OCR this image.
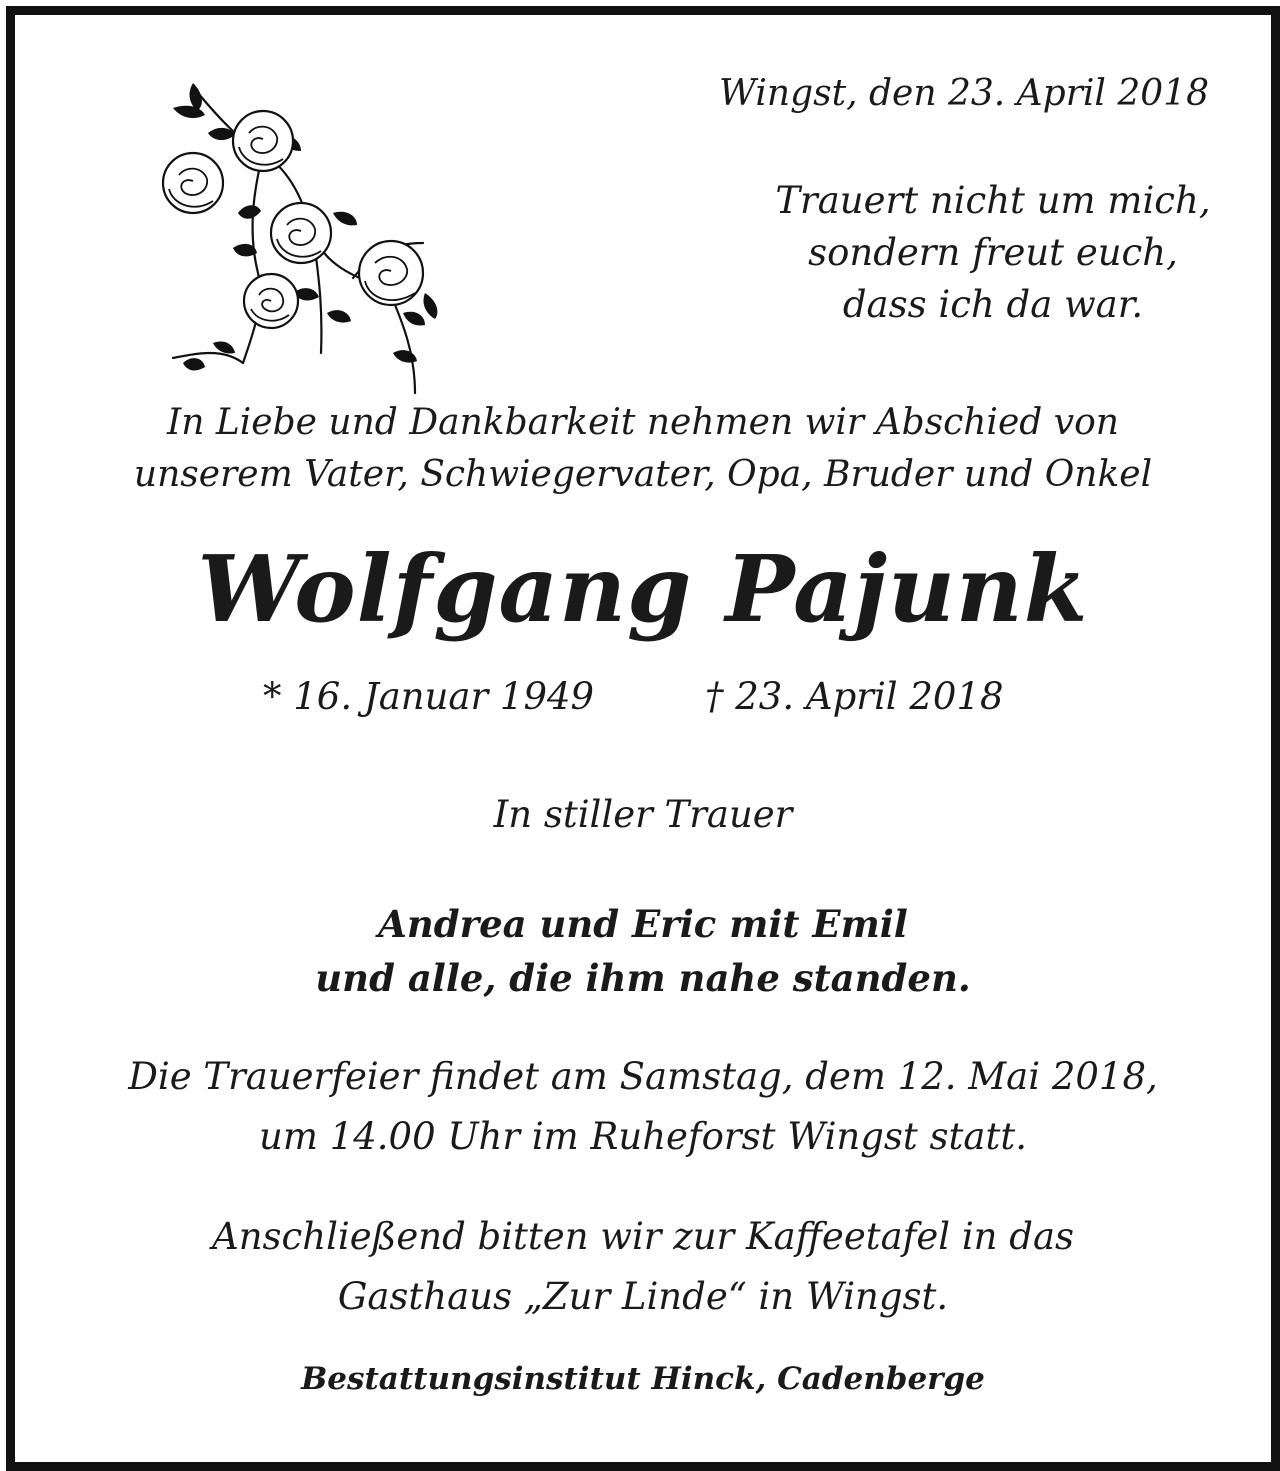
Wingst, den 23. April 2018
Trauert nicht um mich,
sondern freut euch,
dass ich da war.
In Liebe und Dankbarkeit nehmen wir Abschied von
unserem Vater, Schwiegervater, Opa, Bruder und Onkel
Wolfgang Pajunk
* 16. Januar 1949	† 23. April 2018
In stiller Trauer
Andrea und Eric mit Emil
und alle, die ihm nahe standen.
Die Trauerfeier findet am Samstag, dem 12. Mai 2018,
um 14.00 Uhr im Ruheforst Wingst statt.
Anschließend bitten wir zur Kaffeetafel in das
Gasthaus „Zur Linde“ in Wingst.
Bestattungsinstitut Hinck, Cadenberge
